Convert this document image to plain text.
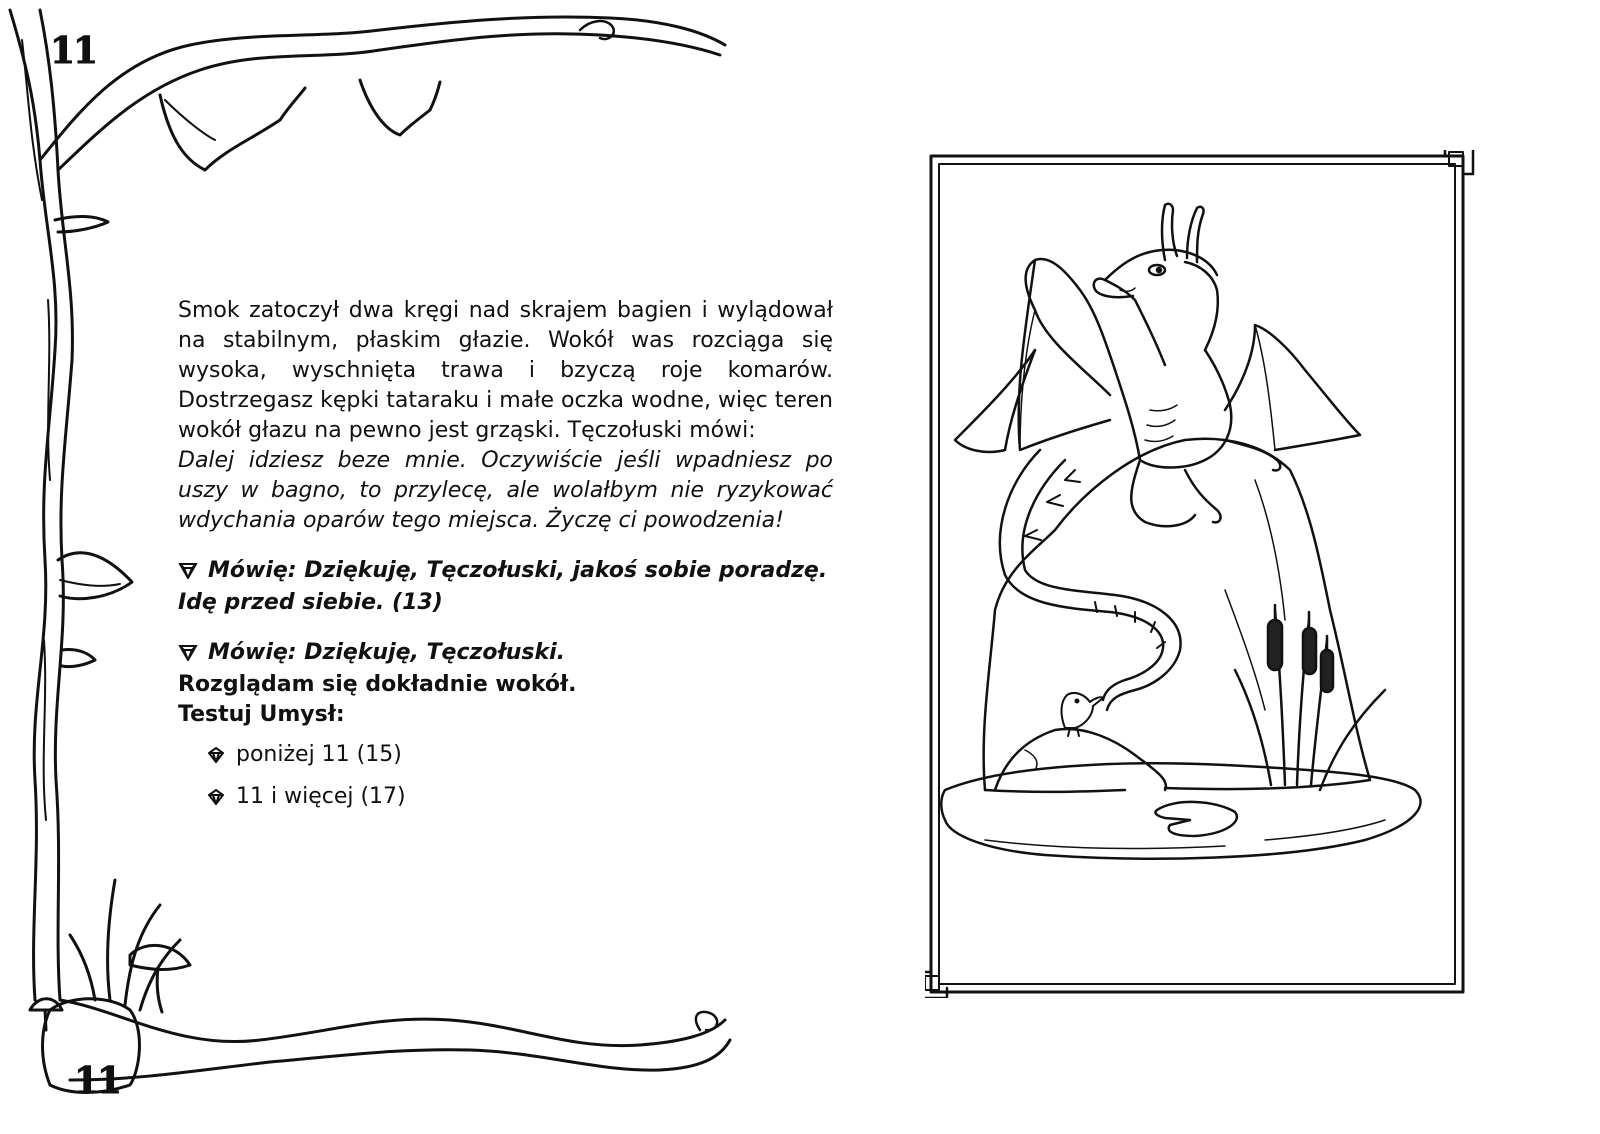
11
11

Smok zatoczył dwa kręgi nad skrajem bagien i wylądował na stabilnym, płaskim głazie. Wokół was rozciąga się wysoka, wyschnięta trawa i bzyczą roje komarów. Dostrzegasz kępki tataraku i małe oczka wodne, więc teren wokół głazu na pewno jest grząski. Tęczołuski mówi:

Dalej idziesz beze mnie. Oczywiście jeśli wpadniesz po uszy w bagno, to przylecę, ale wolałbym nie ryzykować wdychania oparów tego miejsca. Życzę ci powodzenia!

Mówię: Dziękuję, Tęczołuski, jakoś sobie poradzę. Idę przed siebie. (13)
Mówię: Dziękuję, Tęczołuski.
Rozglądam się dokładnie wokół.
Testuj Umysł:
poniżej 11 (15)
11 i więcej (17)
